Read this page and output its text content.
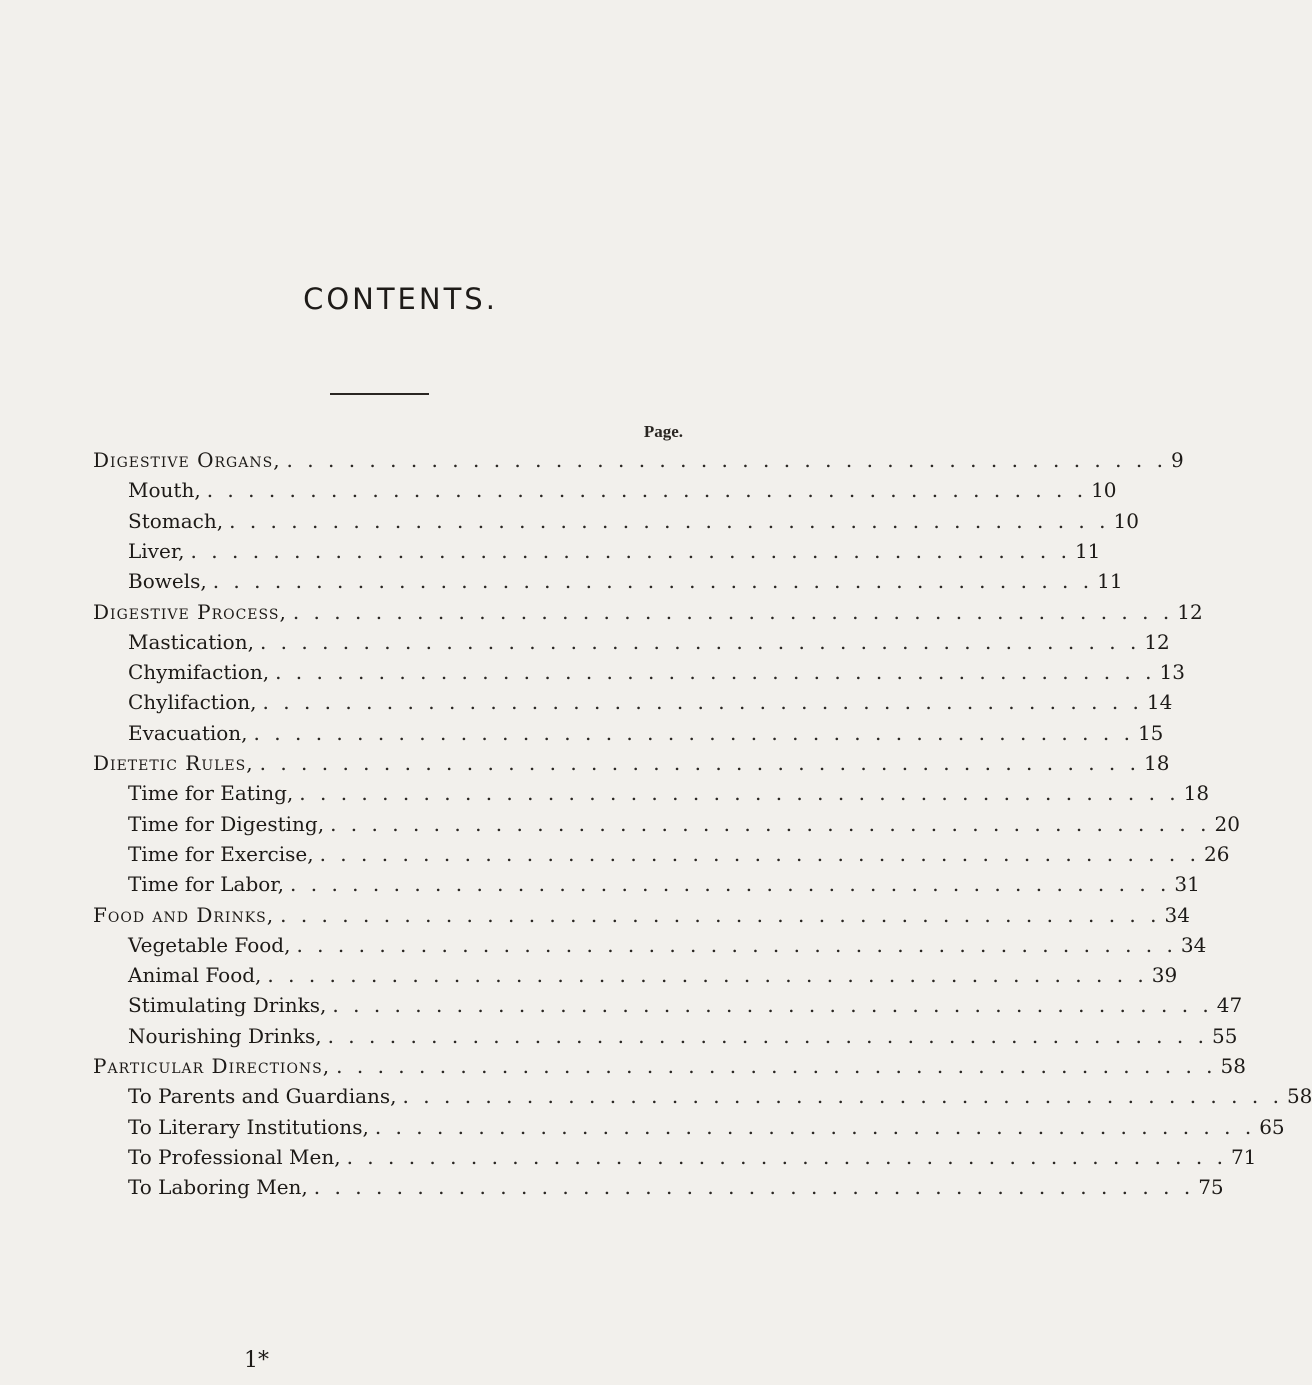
CONTENTS.
Page.
Digestive Organs, . . . . . . . . . . . . . . . . . . . . . . . . . . . . . . . . . . . . . . . . . . . 9
Mouth, . . . . . . . . . . . . . . . . . . . . . . . . . . . . . . . . . . . . . . . . . . . 10
Stomach, . . . . . . . . . . . . . . . . . . . . . . . . . . . . . . . . . . . . . . . . . . . 10
Liver, . . . . . . . . . . . . . . . . . . . . . . . . . . . . . . . . . . . . . . . . . . . 11
Bowels, . . . . . . . . . . . . . . . . . . . . . . . . . . . . . . . . . . . . . . . . . . . 11
Digestive Process, . . . . . . . . . . . . . . . . . . . . . . . . . . . . . . . . . . . . . . . . . . . 12
Mastication, . . . . . . . . . . . . . . . . . . . . . . . . . . . . . . . . . . . . . . . . . . . 12
Chymifaction, . . . . . . . . . . . . . . . . . . . . . . . . . . . . . . . . . . . . . . . . . . . 13
Chylifaction, . . . . . . . . . . . . . . . . . . . . . . . . . . . . . . . . . . . . . . . . . . . 14
Evacuation, . . . . . . . . . . . . . . . . . . . . . . . . . . . . . . . . . . . . . . . . . . . 15
Dietetic Rules, . . . . . . . . . . . . . . . . . . . . . . . . . . . . . . . . . . . . . . . . . . . 18
Time for Eating, . . . . . . . . . . . . . . . . . . . . . . . . . . . . . . . . . . . . . . . . . . . 18
Time for Digesting, . . . . . . . . . . . . . . . . . . . . . . . . . . . . . . . . . . . . . . . . . . . 20
Time for Exercise, . . . . . . . . . . . . . . . . . . . . . . . . . . . . . . . . . . . . . . . . . . . 26
Time for Labor, . . . . . . . . . . . . . . . . . . . . . . . . . . . . . . . . . . . . . . . . . . . 31
Food and Drinks, . . . . . . . . . . . . . . . . . . . . . . . . . . . . . . . . . . . . . . . . . . . 34
Vegetable Food, . . . . . . . . . . . . . . . . . . . . . . . . . . . . . . . . . . . . . . . . . . . 34
Animal Food, . . . . . . . . . . . . . . . . . . . . . . . . . . . . . . . . . . . . . . . . . . . 39
Stimulating Drinks, . . . . . . . . . . . . . . . . . . . . . . . . . . . . . . . . . . . . . . . . . . . 47
Nourishing Drinks, . . . . . . . . . . . . . . . . . . . . . . . . . . . . . . . . . . . . . . . . . . . 55
Particular Directions, . . . . . . . . . . . . . . . . . . . . . . . . . . . . . . . . . . . . . . . . . . . 58
To Parents and Guardians, . . . . . . . . . . . . . . . . . . . . . . . . . . . . . . . . . . . . . . . . . . . 58
To Literary Institutions, . . . . . . . . . . . . . . . . . . . . . . . . . . . . . . . . . . . . . . . . . . . 65
To Professional Men, . . . . . . . . . . . . . . . . . . . . . . . . . . . . . . . . . . . . . . . . . . . 71
To Laboring Men, . . . . . . . . . . . . . . . . . . . . . . . . . . . . . . . . . . . . . . . . . . . 75
1*
